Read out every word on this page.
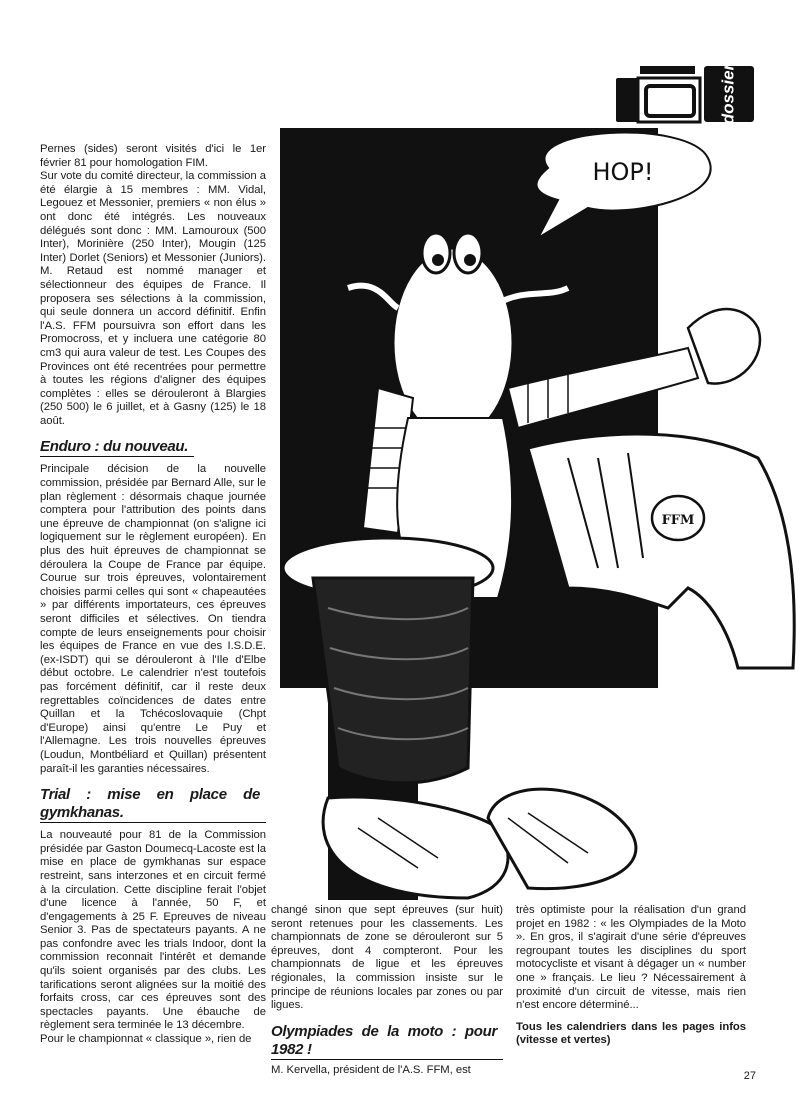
dossier
HOP!
FFM

Pernes (sides) seront visités d'ici le 1er février 81 pour homologation FIM.

Sur vote du comité directeur, la commission a été élargie à 15 membres : MM. Vidal, Legouez et Messonier, premiers « non élus » ont donc été intégrés. Les nouveaux délégués sont donc : MM. Lamouroux (500 Inter), Morinière (250 Inter), Mougin (125 Inter) Dorlet (Seniors) et Messonier (Juniors). M. Retaud est nommé manager et sélectionneur des équipes de France. Il proposera ses sélections à la commission, qui seule donnera un accord définitif. Enfin l'A.S. FFM poursuivra son effort dans les Promocross, et y incluera une catégorie 80 cm3 qui aura valeur de test. Les Coupes des Provinces ont été recentrées pour permettre à toutes les régions d'aligner des équipes complètes : elles se dérouleront à Blargies (250 500) le 6 juillet, et à Gasny (125) le 18 août.

Enduro : du nouveau.

Principale décision de la nouvelle commission, présidée par Bernard Alle, sur le plan règlement : désormais chaque journée comptera pour l'attribution des points dans une épreuve de championnat (on s'aligne ici logiquement sur le règlement européen). En plus des huit épreuves de championnat se déroulera la Coupe de France par équipe. Courue sur trois épreuves, volontairement choisies parmi celles qui sont « chapeautées » par différents importateurs, ces épreuves seront difficiles et sélectives. On tiendra compte de leurs enseignements pour choisir les équipes de France en vue des I.S.D.E. (ex-ISDT) qui se dérouleront à l'Ile d'Elbe début octobre. Le calendrier n'est toutefois pas forcément définitif, car il reste deux regrettables coïncidences de dates entre Quillan et la Tchécoslovaquie (Chpt d'Europe) ainsi qu'entre Le Puy et l'Allemagne. Les trois nouvelles épreuves (Loudun, Montbéliard et Quillan) présentent paraît-il les garanties nécessaires.

Trial : mise en place de gymkhanas.

La nouveauté pour 81 de la Commission présidée par Gaston Doumecq-Lacoste est la mise en place de gymkhanas sur espace restreint, sans interzones et en circuit fermé à la circulation. Cette discipline ferait l'objet d'une licence à l'année, 50 F, et d'engagements à 25 F. Epreuves de niveau Senior 3. Pas de spectateurs payants. A ne pas confondre avec les trials Indoor, dont la commission reconnait l'intérêt et demande qu'ils soient organisés par des clubs. Les tarifications seront alignées sur la moitié des forfaits cross, car ces épreuves sont des spectacles payants. Une ébauche de règlement sera terminée le 13 décembre.

Pour le championnat « classique », rien de

changé sinon que sept épreuves (sur huit) seront retenues pour les classements. Les championnats de zone se dérouleront sur 5 épreuves, dont 4 compteront. Pour les championnats de ligue et les épreuves régionales, la commission insiste sur le principe de réunions locales par zones ou par ligues.

Olympiades de la moto : pour 1982 !

M. Kervella, président de l'A.S. FFM, est

très optimiste pour la réalisation d'un grand projet en 1982 : « les Olympiades de la Moto ». En gros, il s'agirait d'une série d'épreuves regroupant toutes les disciplines du sport motocycliste et visant à dégager un « number one » français. Le lieu ? Nécessairement à proximité d'un circuit de vitesse, mais rien n'est encore déterminé...

Tous les calendriers dans les pages infos (vitesse et vertes)

27
